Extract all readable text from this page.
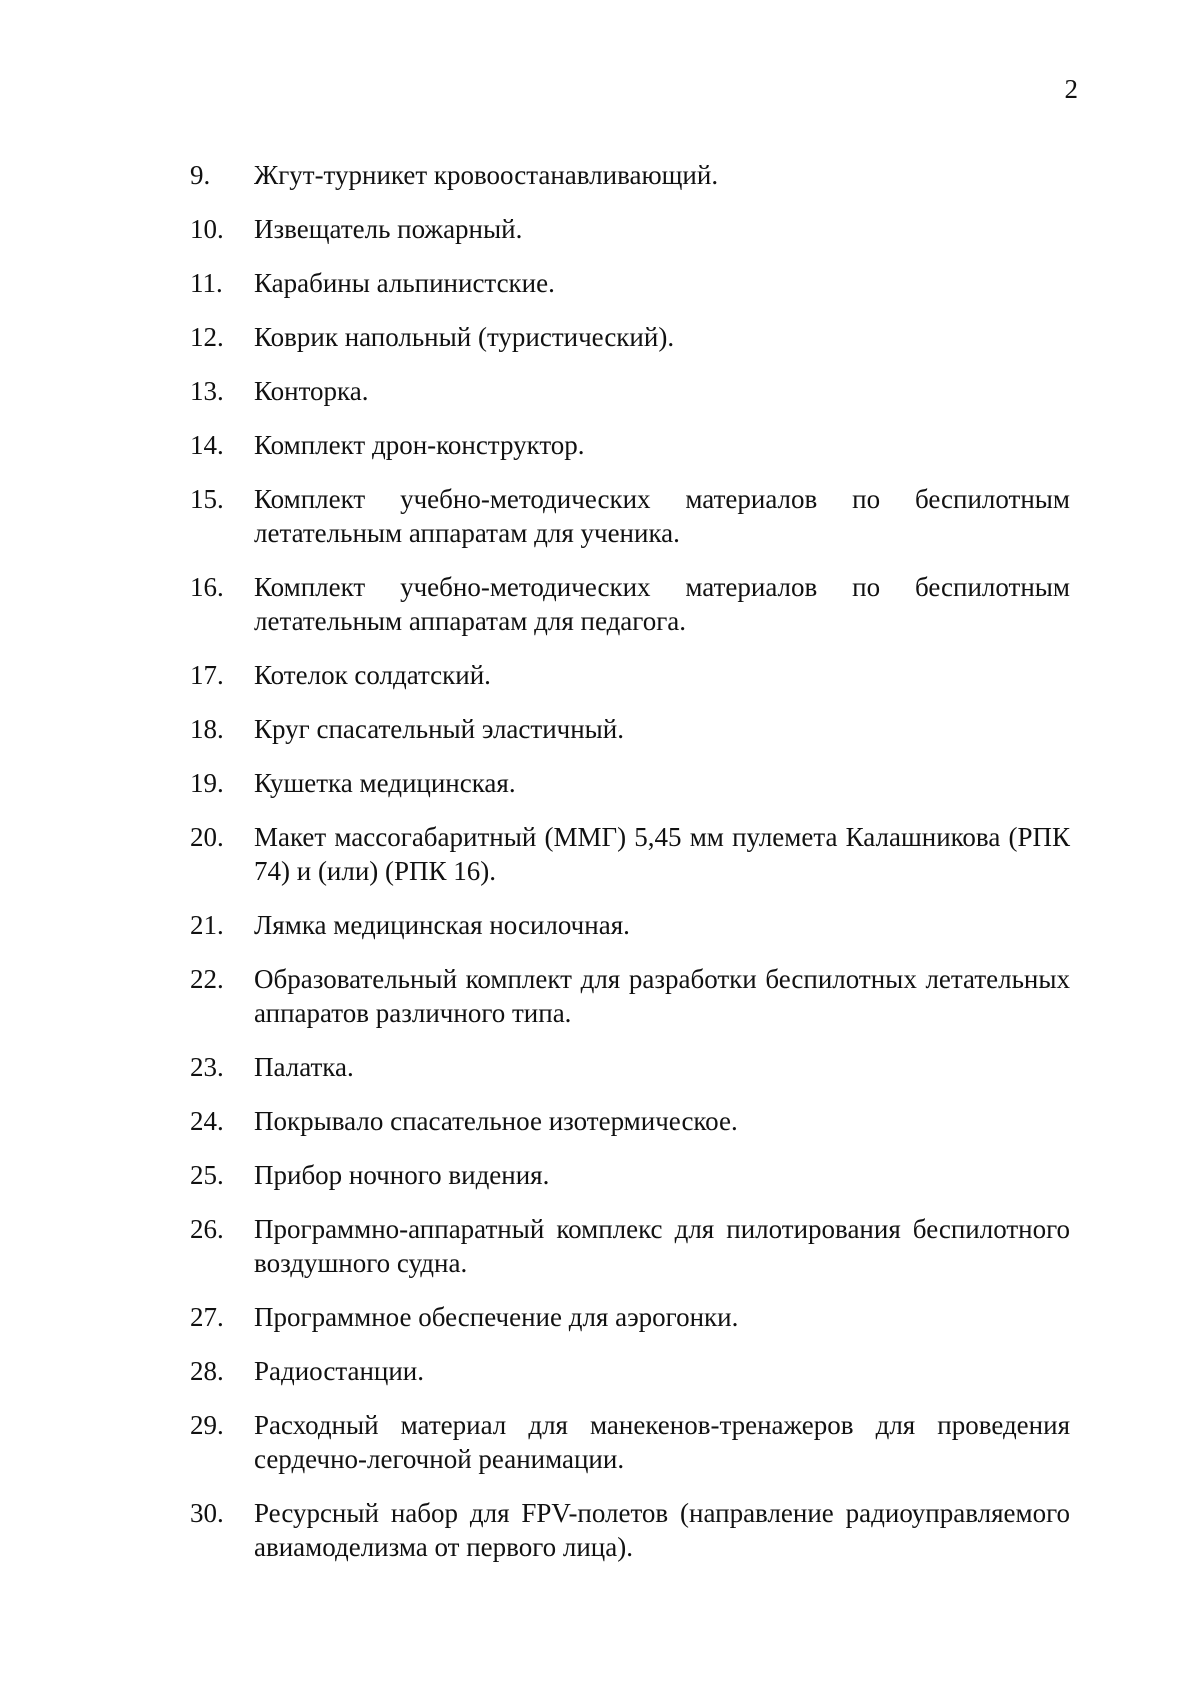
2
9.	Жгут-турникет кровоостанавливающий.
10.	Извещатель пожарный.
11.	Карабины альпинистские.
12.	Коврик напольный (туристический).
13.	Конторка.
14.	Комплект дрон-конструктор.
15.	Комплект учебно-методических материалов по беспилотным летательным аппаратам для ученика.
16.	Комплект учебно-методических материалов по беспилотным летательным аппаратам для педагога.
17.	Котелок солдатский.
18.	Круг спасательный эластичный.
19.	Кушетка медицинская.
20.	Макет массогабаритный (ММГ) 5,45 мм пулемета Калашникова (РПК 74) и (или) (РПК 16).
21.	Лямка медицинская носилочная.
22.	Образовательный комплект для разработки беспилотных летательных аппаратов различного типа.
23.	Палатка.
24.	Покрывало спасательное изотермическое.
25.	Прибор ночного видения.
26.	Программно-аппаратный комплекс для пилотирования беспилотного воздушного судна.
27.	Программное обеспечение для аэрогонки.
28.	Радиостанции.
29.	Расходный материал для манекенов-тренажеров для проведения сердечно-легочной реанимации.
30.	Ресурсный набор для FPV-полетов (направление радиоуправляемого авиамоделизма от первого лица).
